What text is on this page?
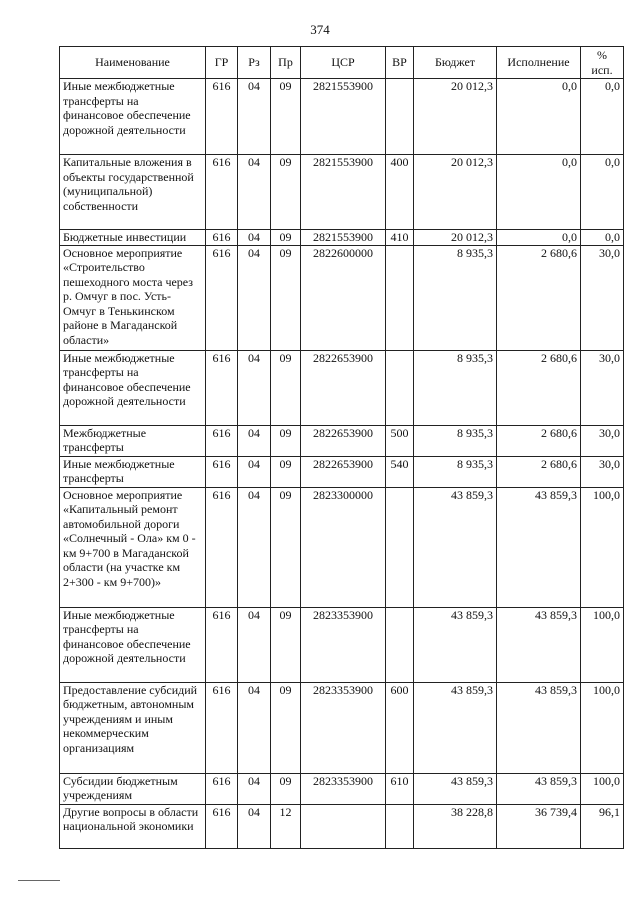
374
Наименование	ГР	Рз	Пр	ЦСР	ВР	Бюджет	Исполнение	%
исп.

Иные межбюджетные трансферты на финансовое обеспечение дорожной деятельности	616	04	09	2821553900		20 012,3	0,0	0,0
Капитальные вложения в объекты государственной (муниципальной) собственности	616	04	09	2821553900	400	20 012,3	0,0	0,0
Бюджетные инвестиции	616	04	09	2821553900	410	20 012,3	0,0	0,0
Основное мероприятие «Строительство пешеходного моста через р. Омчуг в пос. Усть-Омчуг в Тенькинском районе в Магаданской области»	616	04	09	2822600000		8 935,3	2 680,6	30,0
Иные межбюджетные трансферты на финансовое обеспечение дорожной деятельности	616	04	09	2822653900		8 935,3	2 680,6	30,0
Межбюджетные трансферты	616	04	09	2822653900	500	8 935,3	2 680,6	30,0
Иные межбюджетные трансферты	616	04	09	2822653900	540	8 935,3	2 680,6	30,0
Основное мероприятие «Капитальный ремонт автомобильной дороги «Солнечный - Ола» км 0 - км 9+700 в Магаданской области (на участке км 2+300 - км 9+700)»	616	04	09	2823300000		43 859,3	43 859,3	100,0
Иные межбюджетные трансферты на финансовое обеспечение дорожной деятельности	616	04	09	2823353900		43 859,3	43 859,3	100,0
Предоставление субсидий бюджетным, автономным учреждениям и иным некоммерческим организациям	616	04	09	2823353900	600	43 859,3	43 859,3	100,0
Субсидии бюджетным учреждениям	616	04	09	2823353900	610	43 859,3	43 859,3	100,0
Другие вопросы в области национальной экономики	616	04	12			38 228,8	36 739,4	96,1
